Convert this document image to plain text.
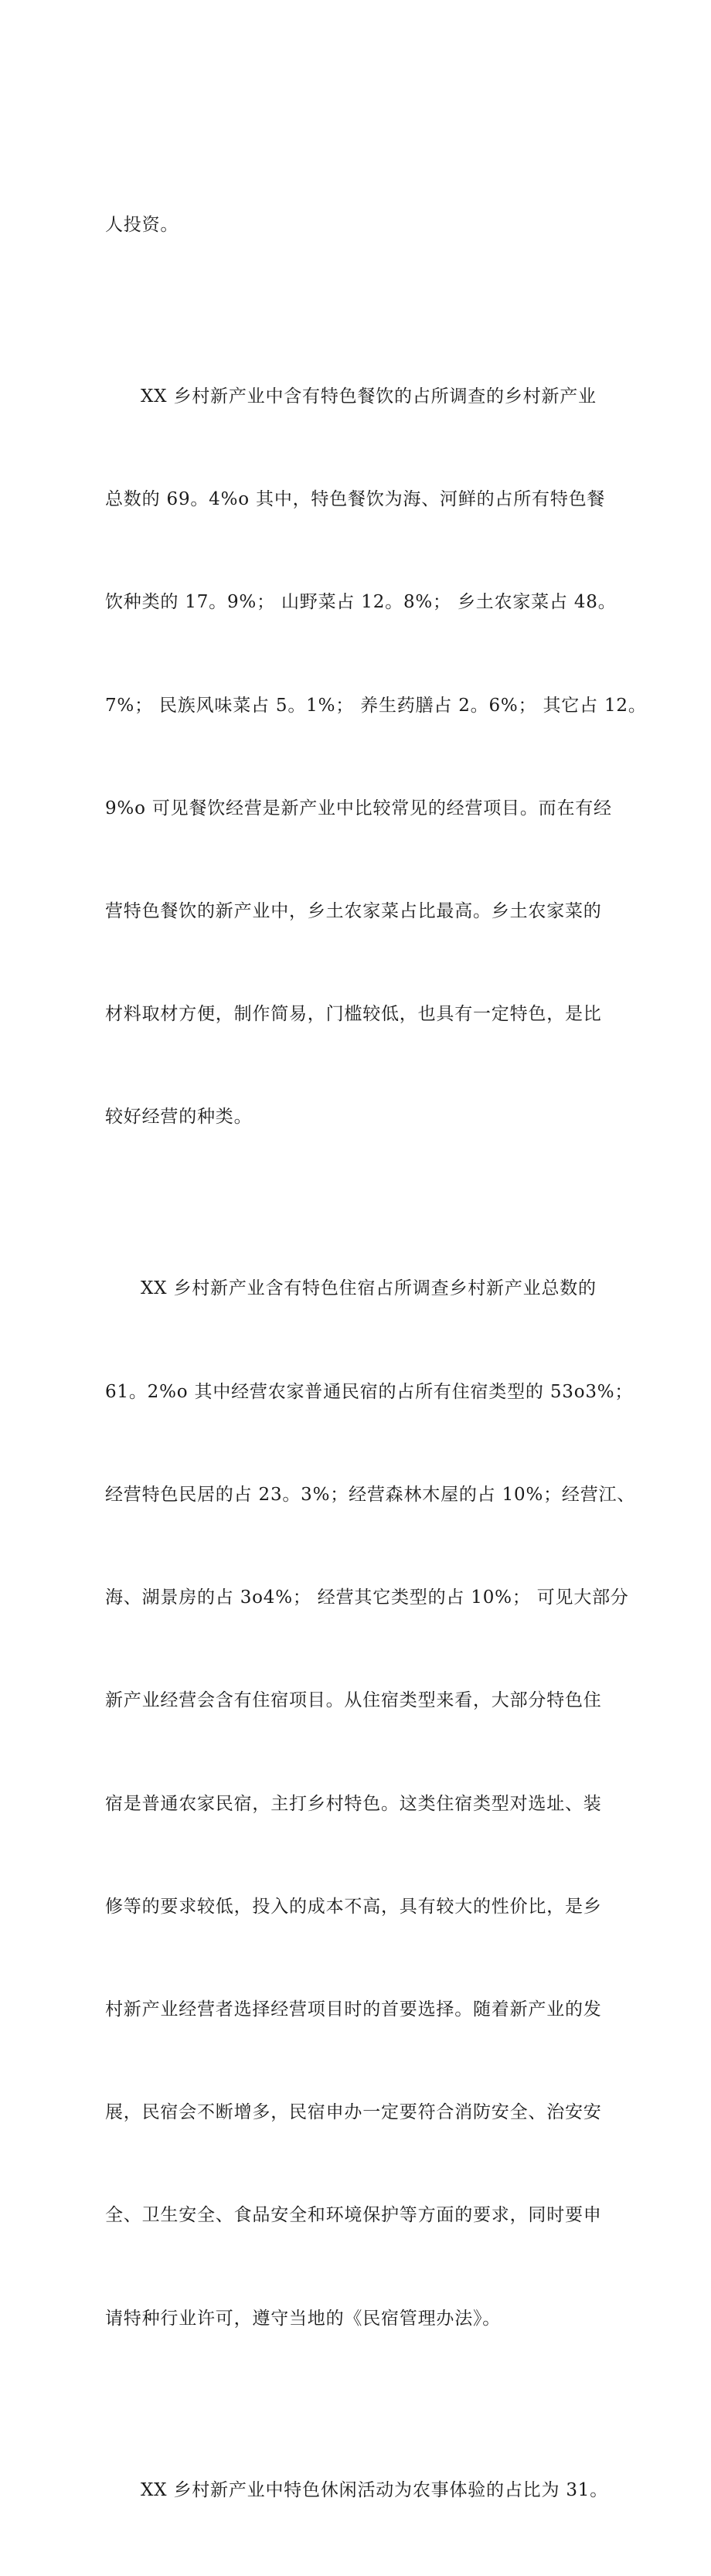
人投资。

XX 乡村新产业中含有特色餐饮的占所调查的乡村新产业

总数的 69。4%o 其中，特色餐饮为海、河鲜的占所有特色餐

饮种类的 17。9%； 山野菜占 12。8%； 乡土农家菜占 48。

7%； 民族风味菜占 5。1%； 养生药膳占 2。6%； 其它占 12。

9%o 可见餐饮经营是新产业中比较常见的经营项目。而在有经

营特色餐饮的新产业中，乡土农家菜占比最高。乡土农家菜的

材料取材方便，制作简易，门槛较低，也具有一定特色，是比

较好经营的种类。

XX 乡村新产业含有特色住宿占所调查乡村新产业总数的

61。2%o 其中经营农家普通民宿的占所有住宿类型的 53o3%；

经营特色民居的占 23。3%；经营森林木屋的占 10%；经营江、

海、湖景房的占 3o4%； 经营其它类型的占 10%； 可见大部分

新产业经营会含有住宿项目。从住宿类型来看，大部分特色住

宿是普通农家民宿，主打乡村特色。这类住宿类型对选址、装

修等的要求较低，投入的成本不高，具有较大的性价比，是乡

村新产业经营者选择经营项目时的首要选择。随着新产业的发

展，民宿会不断增多，民宿申办一定要符合消防安全、治安安

全、卫生安全、食品安全和环境保护等方面的要求，同时要申

请特种行业许可，遵守当地的《民宿管理办法》。

XX 乡村新产业中特色休闲活动为农事体验的占比为 31。
